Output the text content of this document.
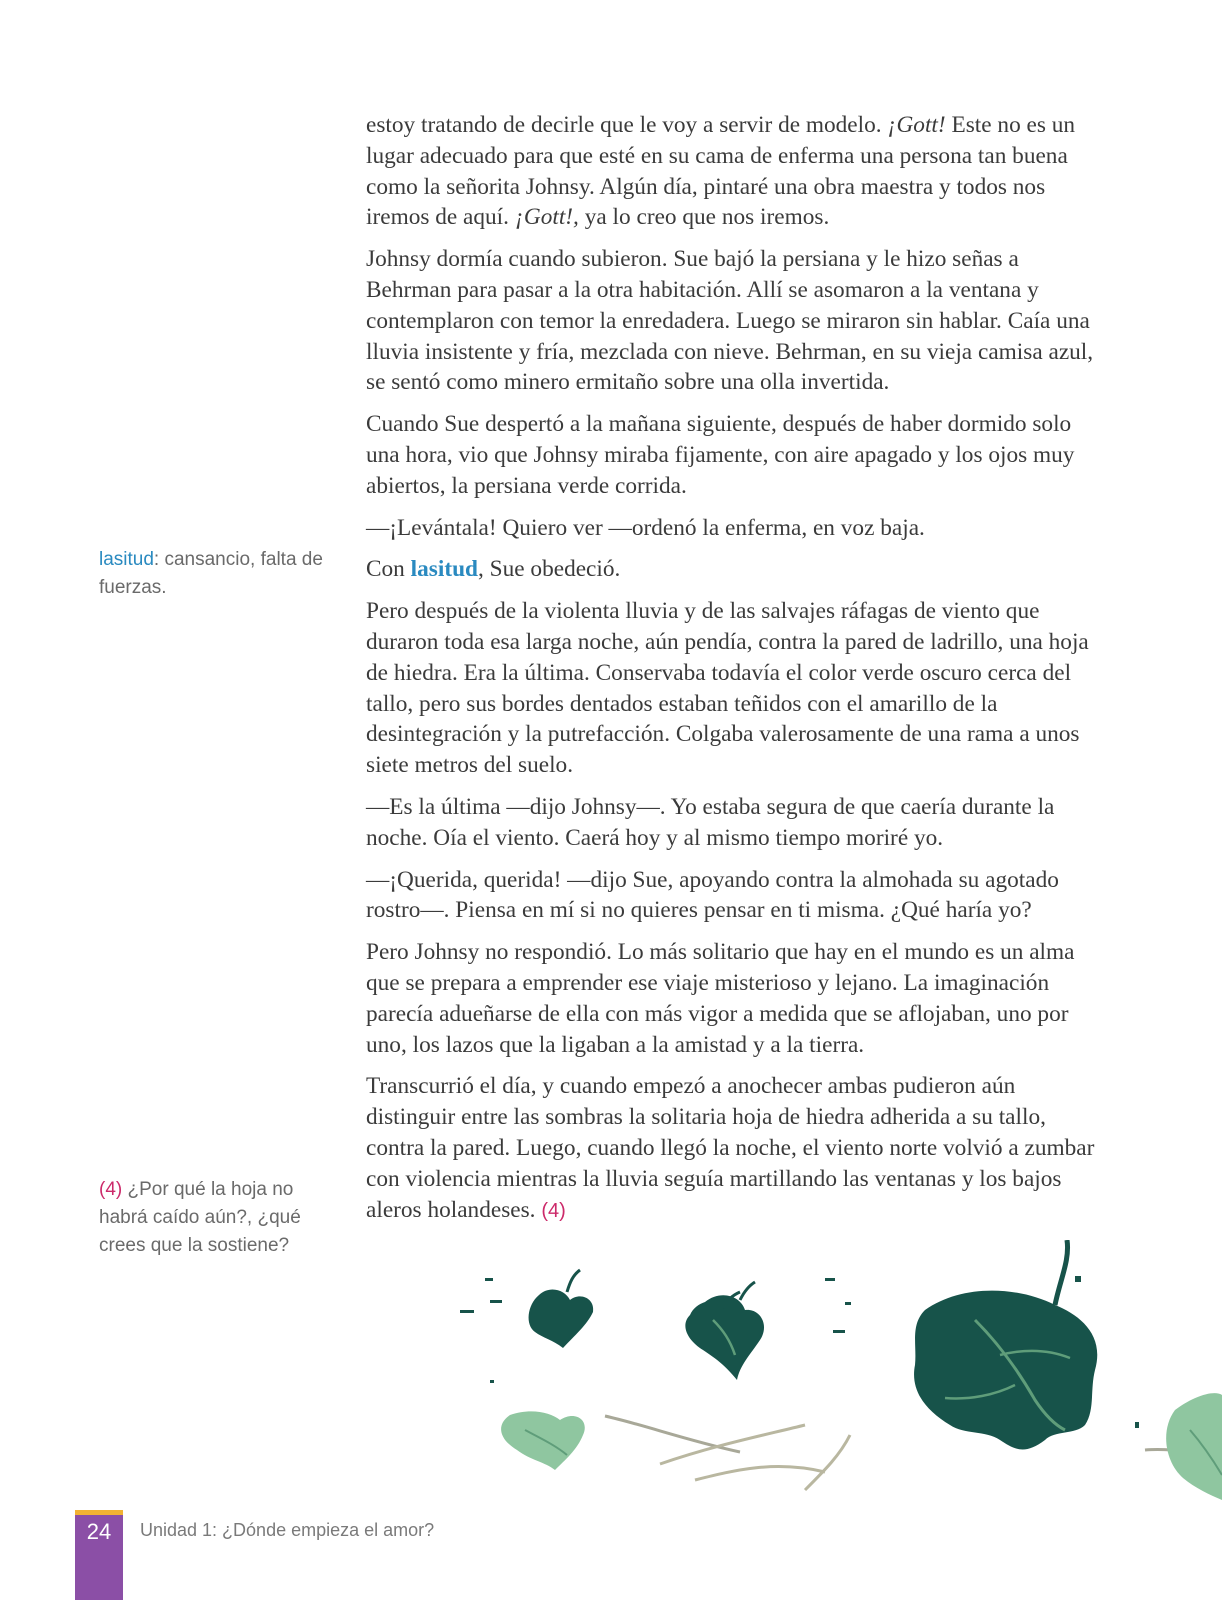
estoy tratando de decirle que le voy a servir de modelo. ¡Gott! Este no es un lugar adecuado para que esté en su cama de enferma una persona tan buena como la señorita Johnsy. Algún día, pintaré una obra maestra y todos nos iremos de aquí. ¡Gott!, ya lo creo que nos iremos.

Johnsy dormía cuando subieron. Sue bajó la persiana y le hizo señas a Behrman para pasar a la otra habitación. Allí se asomaron a la ventana y contemplaron con temor la enredadera. Luego se miraron sin hablar. Caía una lluvia insistente y fría, mezclada con nieve. Behrman, en su vieja camisa azul, se sentó como minero ermitaño sobre una olla invertida.

Cuando Sue despertó a la mañana siguiente, después de haber dormido solo una hora, vio que Johnsy miraba fijamente, con aire apagado y los ojos muy abiertos, la persiana verde corrida.

—¡Levántala! Quiero ver —ordenó la enferma, en voz baja.

Con lasitud, Sue obedeció.

Pero después de la violenta lluvia y de las salvajes ráfagas de viento que duraron toda esa larga noche, aún pendía, contra la pared de ladrillo, una hoja de hiedra. Era la última. Conservaba todavía el color verde oscuro cerca del tallo, pero sus bordes dentados estaban teñidos con el amarillo de la desintegración y la putrefacción. Colgaba valerosamente de una rama a unos siete metros del suelo.

—Es la última —dijo Johnsy—. Yo estaba segura de que caería durante la noche. Oía el viento. Caerá hoy y al mismo tiempo moriré yo.

—¡Querida, querida! —dijo Sue, apoyando contra la almohada su agotado rostro—. Piensa en mí si no quieres pensar en ti misma. ¿Qué haría yo?

Pero Johnsy no respondió. Lo más solitario que hay en el mundo es un alma que se prepara a emprender ese viaje misterioso y lejano. La imaginación parecía adueñarse de ella con más vigor a medida que se aflojaban, uno por uno, los lazos que la ligaban a la amistad y a la tierra.

Transcurrió el día, y cuando empezó a anochecer ambas pudieron aún distinguir entre las sombras la solitaria hoja de hiedra adherida a su tallo, contra la pared. Luego, cuando llegó la noche, el viento norte volvió a zumbar con violencia mientras la lluvia seguía martillando las ventanas y los bajos aleros holandeses. (4)

lasitud: cansancio, falta de fuerzas.
(4) ¿Por qué la hoja no habrá caído aún?, ¿qué crees que la sostiene?
24	Unidad 1: ¿Dónde empieza el amor?
